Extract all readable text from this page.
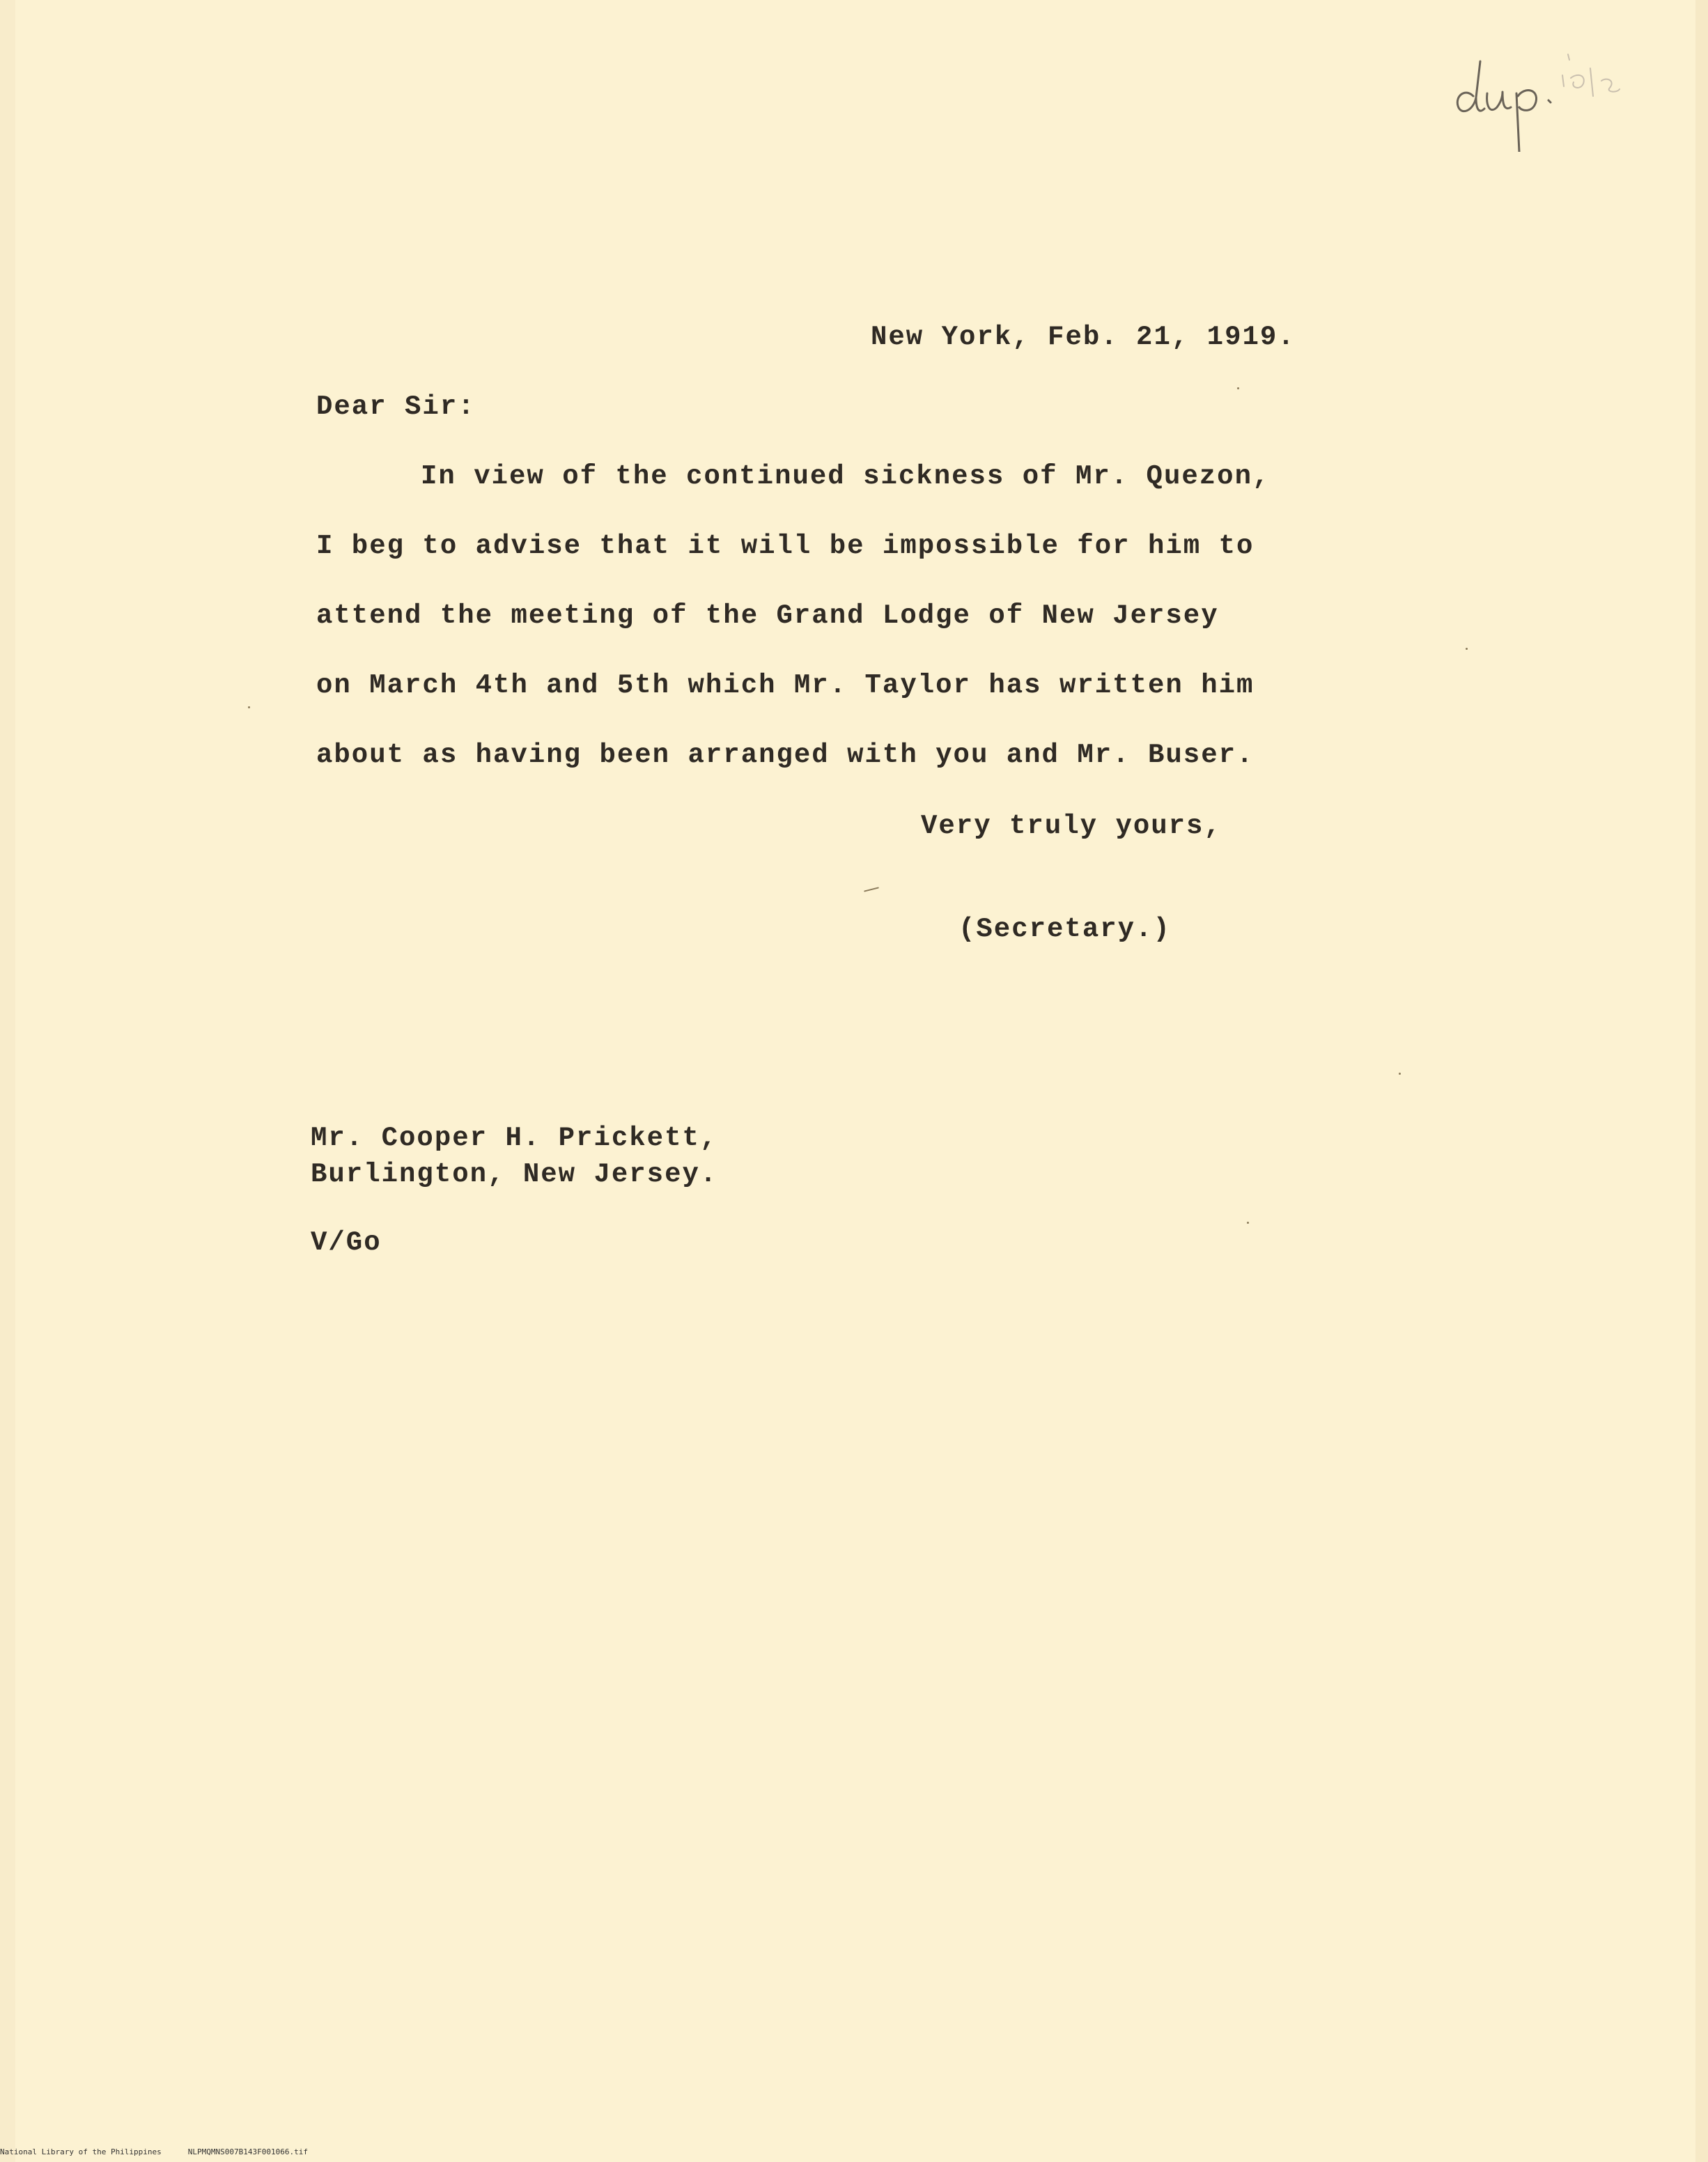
New York, Feb. 21, 1919.
Dear Sir:
In view of the continued sickness of Mr. Quezon,
I beg to advise that it will be impossible for him to
attend the meeting of the Grand Lodge of New Jersey
on March 4th and 5th which Mr. Taylor has written him
about as having been arranged with you and Mr. Buser.
Very truly yours,
(Secretary.)
Mr. Cooper H. Prickett,
Burlington, New Jersey.
V/Go
National Library of the Philippines	NLPMQMNS007B143F001066.tif
